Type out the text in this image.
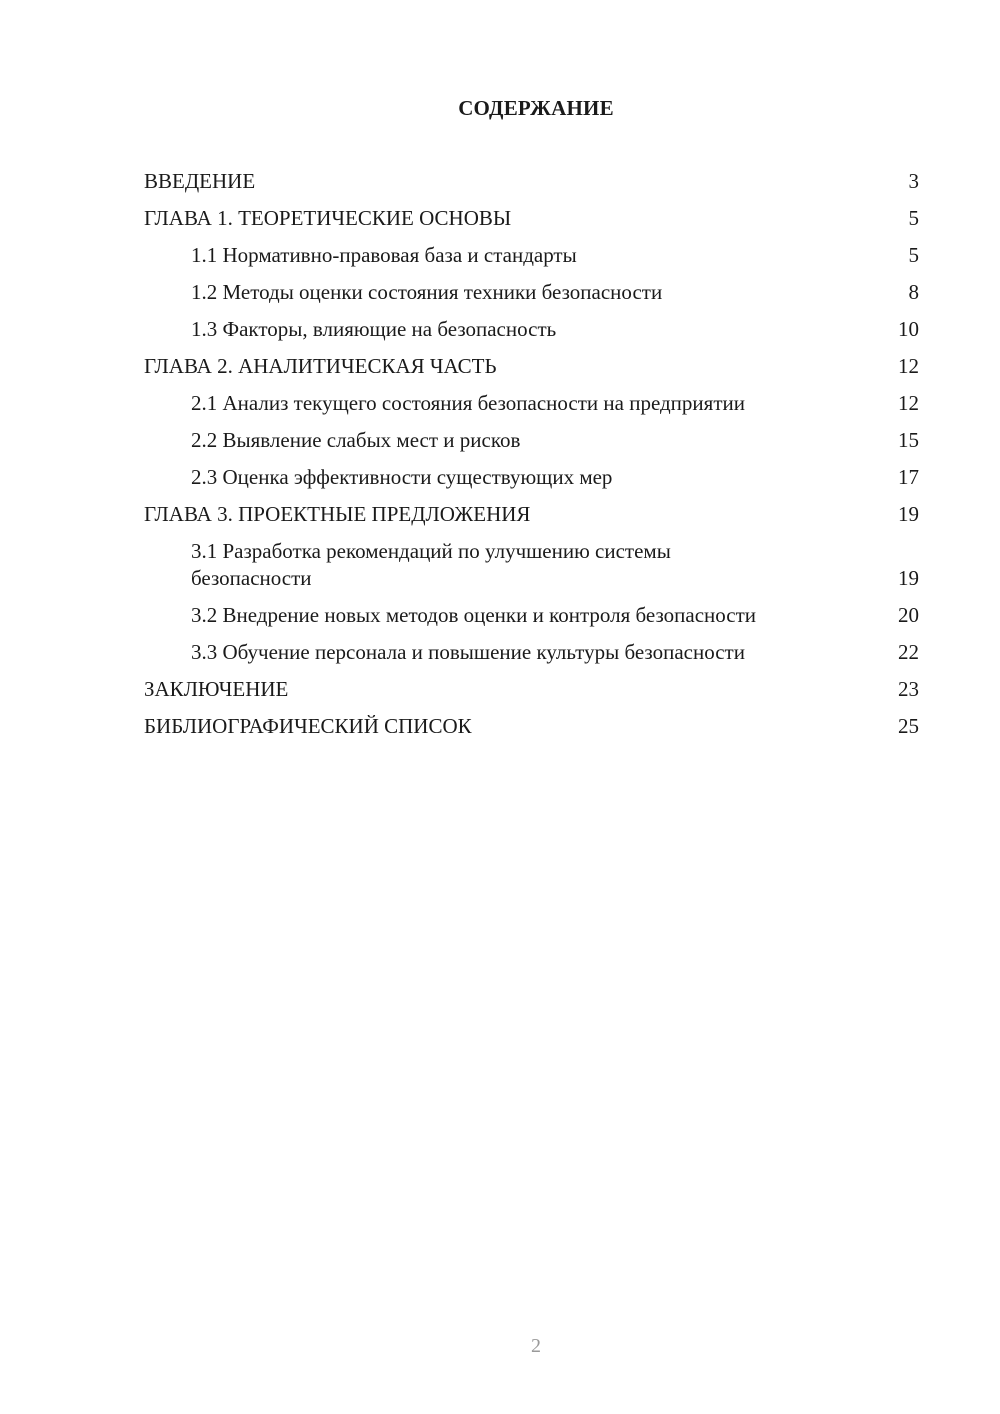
СОДЕРЖАНИЕ
ВВЕДЕНИЕ	3
ГЛАВА 1. ТЕОРЕТИЧЕСКИЕ ОСНОВЫ	5
1.1 Нормативно-правовая база и стандарты	5
1.2 Методы оценки состояния техники безопасности	8
1.3 Факторы, влияющие на безопасность	10
ГЛАВА 2. АНАЛИТИЧЕСКАЯ ЧАСТЬ	12
2.1 Анализ текущего состояния безопасности на предприятии	12
2.2 Выявление слабых мест и рисков	15
2.3 Оценка эффективности существующих мер	17
ГЛАВА 3. ПРОЕКТНЫЕ ПРЕДЛОЖЕНИЯ	19
3.1 Разработка рекомендаций по улучшению системы безопасности	19
3.2 Внедрение новых методов оценки и контроля безопасности	20
3.3 Обучение персонала и повышение культуры безопасности	22
ЗАКЛЮЧЕНИЕ	23
БИБЛИОГРАФИЧЕСКИЙ СПИСОК	25
2
